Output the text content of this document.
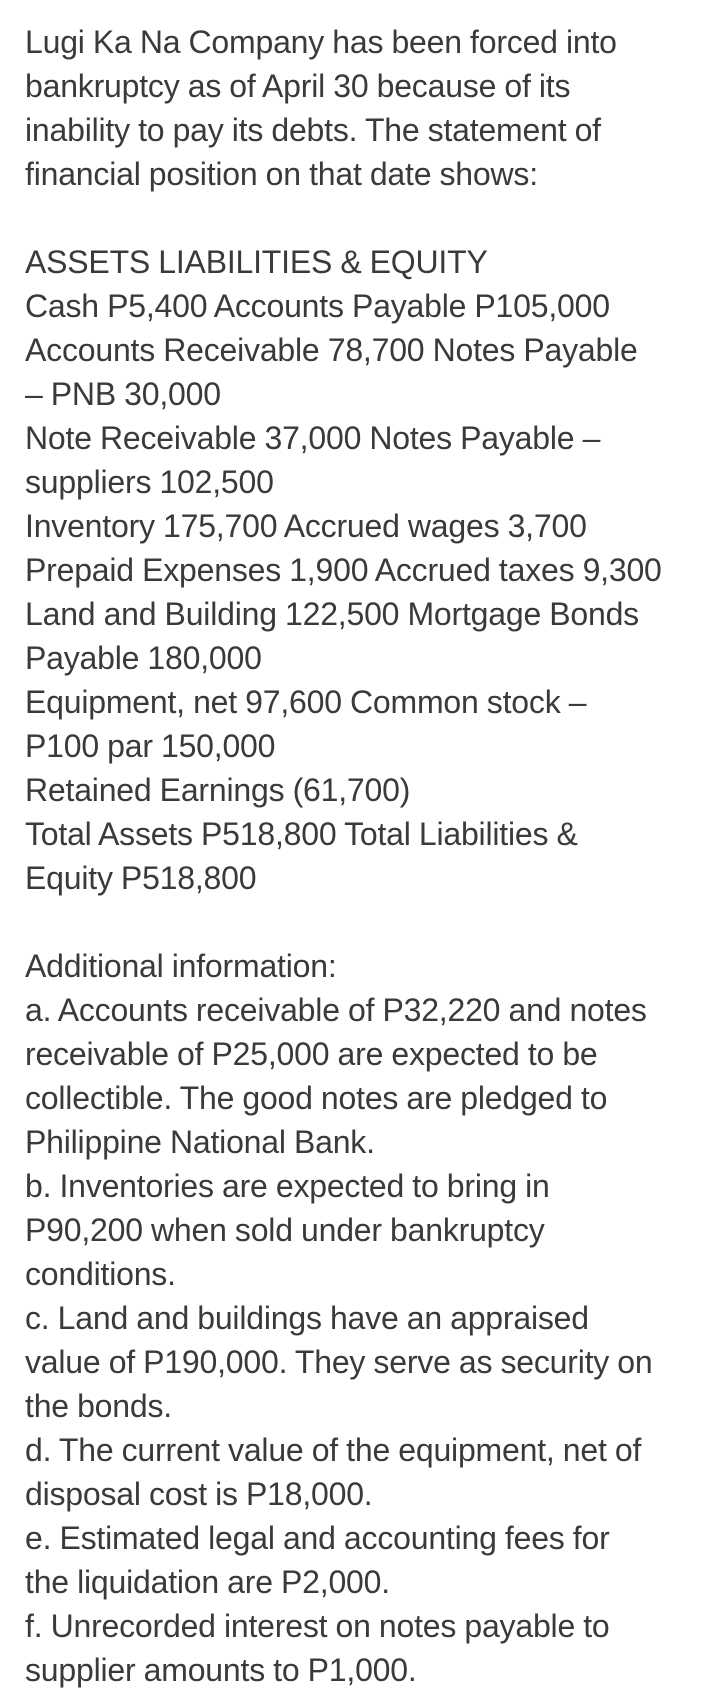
Lugi Ka Na Company has been forced into
bankruptcy as of April 30 because of its
inability to pay its debts. The statement of
financial position on that date shows:
ASSETS LIABILITIES & EQUITY
Cash P5,400 Accounts Payable P105,000
Accounts Receivable 78,700 Notes Payable
– PNB 30,000
Note Receivable 37,000 Notes Payable –
suppliers 102,500
Inventory 175,700 Accrued wages 3,700
Prepaid Expenses 1,900 Accrued taxes 9,300
Land and Building 122,500 Mortgage Bonds
Payable 180,000
Equipment, net 97,600 Common stock –
P100 par 150,000
Retained Earnings (61,700)
Total Assets P518,800 Total Liabilities &
Equity P518,800
Additional information:
a. Accounts receivable of P32,220 and notes
receivable of P25,000 are expected to be
collectible. The good notes are pledged to
Philippine National Bank.
b. Inventories are expected to bring in
P90,200 when sold under bankruptcy
conditions.
c. Land and buildings have an appraised
value of P190,000. They serve as security on
the bonds.
d. The current value of the equipment, net of
disposal cost is P18,000.
e. Estimated legal and accounting fees for
the liquidation are P2,000.
f. Unrecorded interest on notes payable to
supplier amounts to P1,000.
